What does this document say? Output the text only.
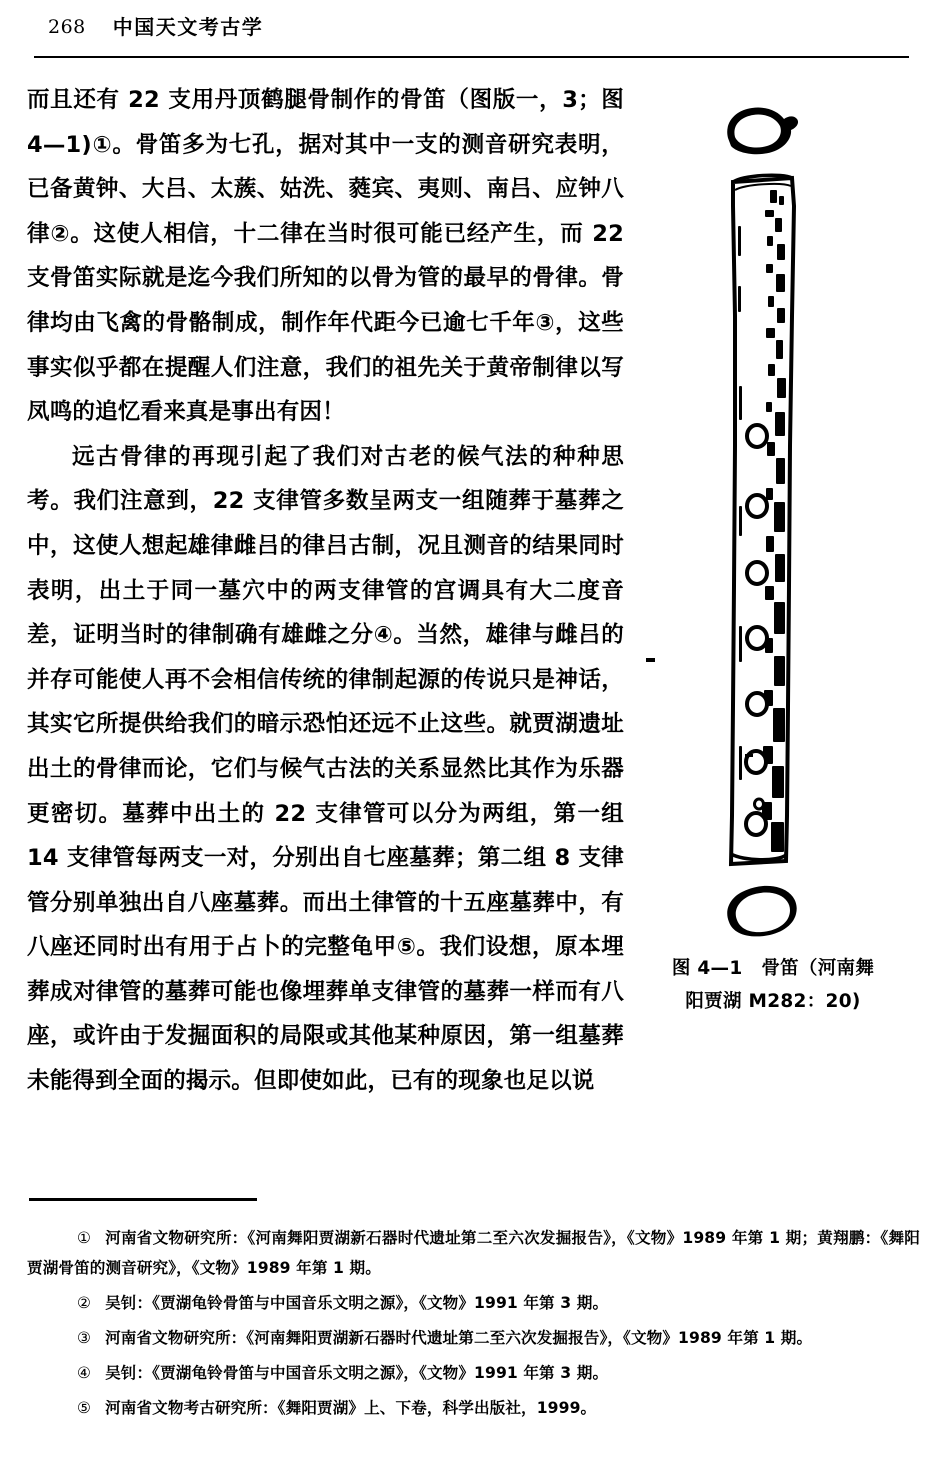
268 中国天文考古学
图 4—1　骨笛（河南舞
阳贾湖 M282：20)

而且还有 22 支用丹顶鹤腿骨制作的骨笛（图版一，3；图 4—1)①。骨笛多为七孔，据对其中一支的测音研究表明，已备黄钟、大吕、太蔟、姑洗、蕤宾、夷则、南吕、应钟八律②。这使人相信，十二律在当时很可能已经产生，而 22 支骨笛实际就是迄今我们所知的以骨为管的最早的骨律。骨律均由飞禽的骨骼制成，制作年代距今已逾七千年③，这些事实似乎都在提醒人们注意，我们的祖先关于黄帝制律以写凤鸣的追忆看来真是事出有因！

远古骨律的再现引起了我们对古老的候气法的种种思考。我们注意到，22 支律管多数呈两支一组随葬于墓葬之中，这使人想起雄律雌吕的律吕古制，况且测音的结果同时表明，出土于同一墓穴中的两支律管的宫调具有大二度音差，证明当时的律制确有雄雌之分④。当然，雄律与雌吕的并存可能使人再不会相信传统的律制起源的传说只是神话，其实它所提供给我们的暗示恐怕还远不止这些。就贾湖遗址出土的骨律而论，它们与候气古法的关系显然比其作为乐器更密切。墓葬中出土的 22 支律管可以分为两组，第一组 14 支律管每两支一对，分别出自七座墓葬；第二组 8 支律管分别单独出自八座墓葬。而出土律管的十五座墓葬中，有八座还同时出有用于占卜的完整龟甲⑤。我们设想，原本埋葬成对律管的墓葬可能也像埋葬单支律管的墓葬一样而有八座，或许由于发掘面积的局限或其他某种原因，第一组墓葬未能得到全面的揭示。但即使如此，已有的现象也足以说

① 河南省文物研究所：《河南舞阳贾湖新石器时代遗址第二至六次发掘报告》，《文物》1989 年第 1 期；黄翔鹏：《舞阳贾湖骨笛的测音研究》，《文物》1989 年第 1 期。

② 吴钊：《贾湖龟铃骨笛与中国音乐文明之源》，《文物》1991 年第 3 期。

③ 河南省文物研究所：《河南舞阳贾湖新石器时代遗址第二至六次发掘报告》，《文物》1989 年第 1 期。

④ 吴钊：《贾湖龟铃骨笛与中国音乐文明之源》，《文物》1991 年第 3 期。

⑤ 河南省文物考古研究所：《舞阳贾湖》上、下卷，科学出版社，1999。
